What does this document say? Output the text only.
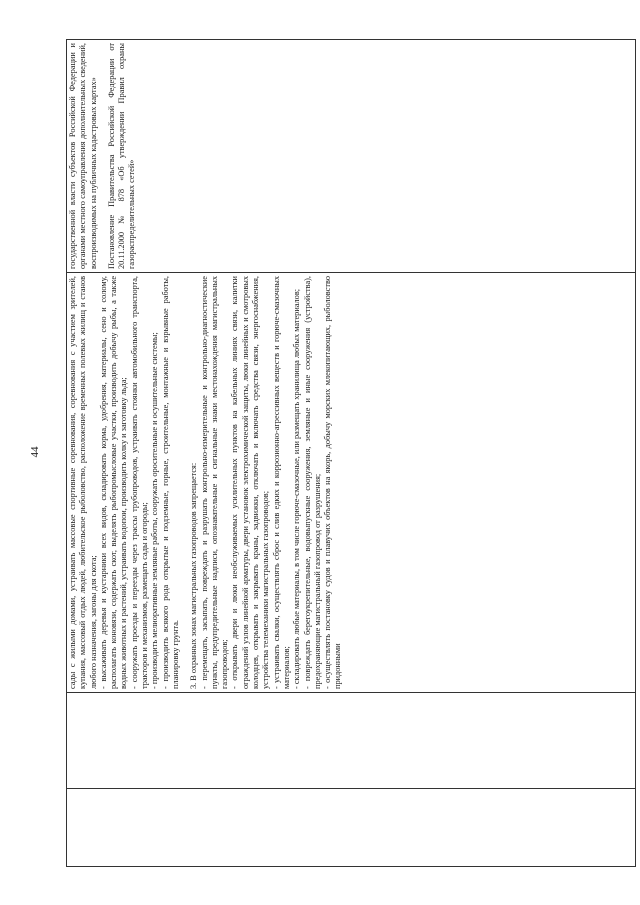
44	сады с жилыми домами, устраивать массовые спортивные соревнования, соревнования с участием зрителей, купания, массовый отдых людей, любительское рыболовство, расположение временных полевых жилищ и станов любого назначения, загоны для скота; - высаживать деревья и кустарники всех видов, складировать корма, удобрения, материалы, сено и солому, располагать коновязи, содержать скот, выделять рыбопромысловые участки, производить добычу рыбы, а также водных животных и растений, устраивать водопои, производить колку и заготовку льда; - сооружать проезды и переезды через трассы трубопроводов, устраивать стоянки автомобильного транспорта, тракторов и механизмов, размещать сады и огороды; - производить мелиоративные земляные работы, сооружать оросительные и осушительные системы; - производить всякого рода открытые и подземные, горные, строительные, монтажные и взрывные работы, планировку грунта. 3. В охранных зонах магистральных газопроводов запрещается: - перемещать, засыпать, повреждать и разрушать контрольно-измерительные и контрольно-диагностические пункты, предупредительные надписи, опознавательные и сигнальные знаки местонахождения магистральных газопроводов; - открывать двери и люки необслуживаемых усилительных пунктов на кабельных линиях связи, калитки ограждений узлов линейной арматуры, двери установок электрохимической защиты, люки линейных и смотровых колодцев, открывать и закрывать краны, задвижки, отключать и включать средства связи, энергоснабжения, устройства телемеханики магистральных газопроводов; - устраивать свалки, осуществлять сброс и слив едких и коррозионно-агрессивных веществ и горюче-смазочных материалов; - складировать любые материалы, в том числе горюче-смазочные, или размещать хранилища любых материалов; - повреждать берегоукрепительные, водовыпускные сооружения, земляные и иные сооружения (устройства), предохраняющие магистральный газопровод от разрушения; - осуществлять постановку судов и плавучих объектов на якорь, добычу морских млекопитающих, рыболовство придонными

государственной власти субъектов Российской Федерации и органами местного самоуправления дополнительных сведений, воспроизводимых на публичных кадастровых картах» Постановление Правительства Российской Федерации от 20.11.2000 № 878 «Об утверждении Правил охраны газораспределительных сетей»
